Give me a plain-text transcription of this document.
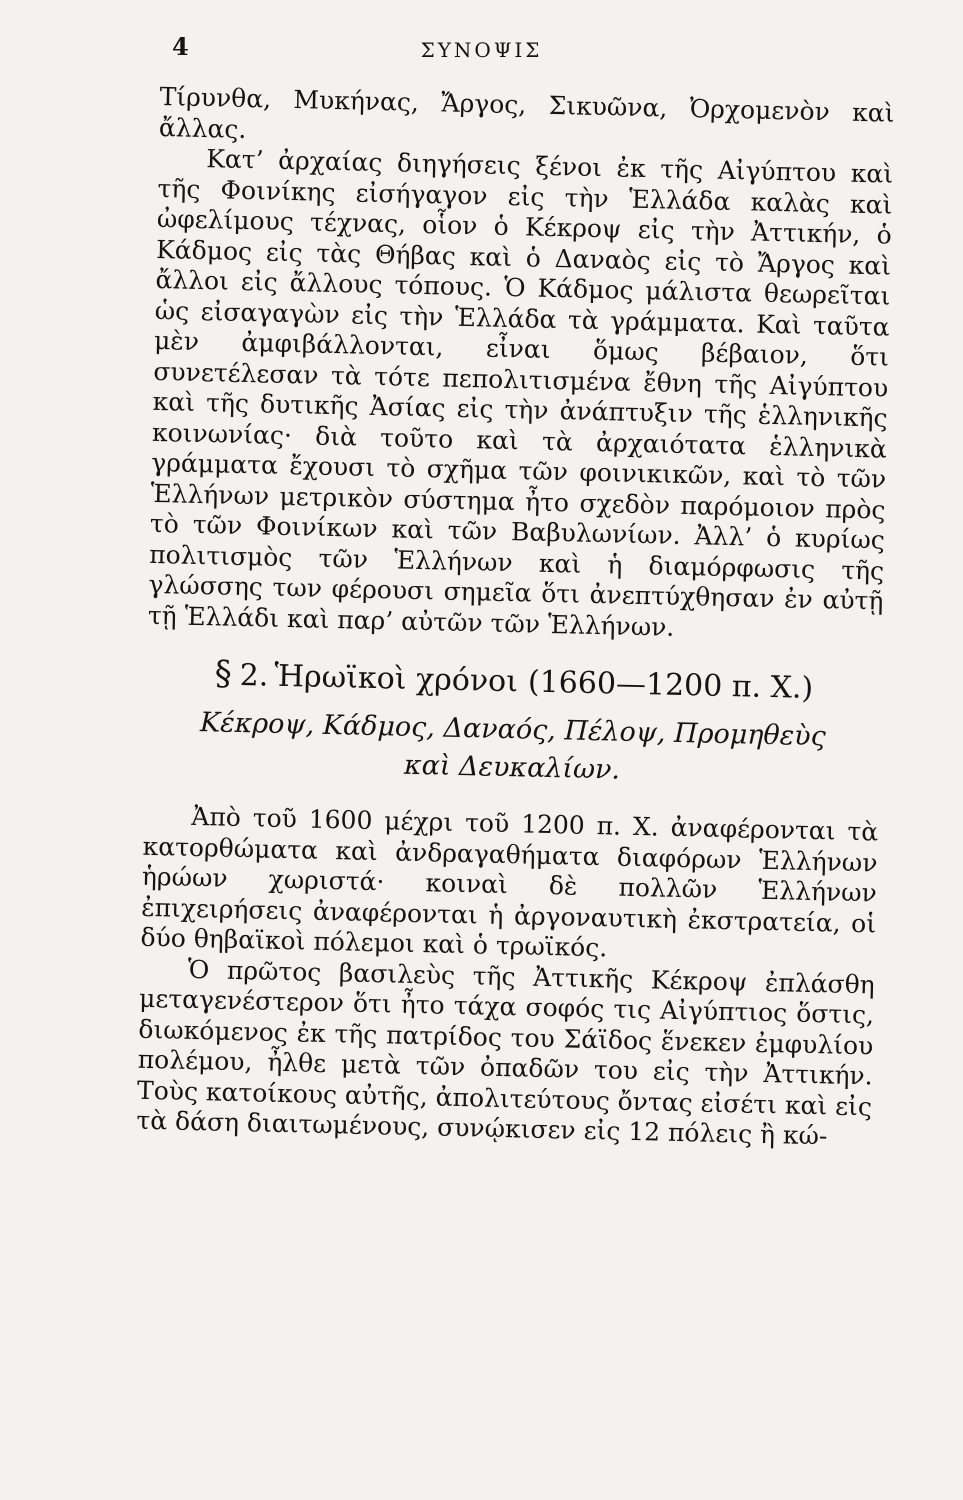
4	ΣΥΝΟΨΙΣ

Τίρυνθα, Μυκήνας, Ἄργος, Σικυῶνα, Ὀρχομενὸν καὶ ἄλλας.

Κατ’ ἀρχαίας διηγήσεις ξένοι ἐκ τῆς Αἰγύπτου καὶ τῆς Φοινίκης εἰσήγαγον εἰς τὴν Ἑλλάδα καλὰς καὶ ὠφελίμους τέχνας, οἷον ὁ Κέκροψ εἰς τὴν Ἀττικήν, ὁ Κάδμος εἰς τὰς Θήβας καὶ ὁ Δαναὸς εἰς τὸ Ἄργος καὶ ἄλλοι εἰς ἄλλους τόπους. Ὁ Κάδμος μάλιστα θεωρεῖται ὡς εἰσαγαγὼν εἰς τὴν Ἑλλάδα τὰ γράμματα. Καὶ ταῦτα μὲν ἀμφιβάλλονται, εἶναι ὅμως βέβαιον, ὅτι συνετέλεσαν τὰ τότε πεπολιτισμένα ἔθνη τῆς Αἰγύπτου καὶ τῆς δυτικῆς Ἀσίας εἰς τὴν ἀνάπτυξιν τῆς ἑλληνικῆς κοινωνίας· διὰ τοῦτο καὶ τὰ ἀρχαιότατα ἑλληνικὰ γράμματα ἔχουσι τὸ σχῆμα τῶν φοινικικῶν, καὶ τὸ τῶν Ἑλλήνων μετρικὸν σύστημα ἦτο σχεδὸν παρόμοιον πρὸς τὸ τῶν Φοινίκων καὶ τῶν Βαβυλωνίων. Ἀλλ’ ὁ κυρίως πολιτισμὸς τῶν Ἑλλήνων καὶ ἡ διαμόρφωσις τῆς γλώσσης των φέρουσι σημεῖα ὅτι ἀνεπτύχθησαν ἐν αὐτῇ τῇ Ἑλλάδι καὶ παρ’ αὐτῶν τῶν Ἑλλήνων.

§ 2. Ἡρωϊκοὶ χρόνοι (1660—1200 π. Χ.)
Κέκροψ, Κάδμος, Δαναός, Πέλοψ, Προμηθεὺς
καὶ Δευκαλίων.

Ἀπὸ τοῦ 1600 μέχρι τοῦ 1200 π. Χ. ἀναφέρονται τὰ κατορθώματα καὶ ἀνδραγαθήματα διαφόρων Ἑλλήνων ἡρώων χωριστά· κοιναὶ δὲ πολλῶν Ἑλλήνων ἐπιχειρήσεις ἀναφέρονται ἡ ἀργοναυτικὴ ἐκστρατεία, οἱ δύο θηβαϊκοὶ πόλεμοι καὶ ὁ τρωϊκός.

Ὁ πρῶτος βασιλεὺς τῆς Ἀττικῆς Κέκροψ ἐπλάσθη μεταγενέστερον ὅτι ἦτο τάχα σοφός τις Αἰγύπτιος ὅστις, διωκόμενος ἐκ τῆς πατρίδος του Σάϊδος ἕνεκεν ἐμφυλίου πολέμου, ἦλθε μετὰ τῶν ὀπαδῶν του εἰς τὴν Ἀττικήν. Τοὺς κατοίκους αὐτῆς, ἀπολιτεύτους ὄντας εἰσέτι καὶ εἰς τὰ δάση διαιτωμένους, συνῴκισεν εἰς 12 πόλεις ἢ κώ-
